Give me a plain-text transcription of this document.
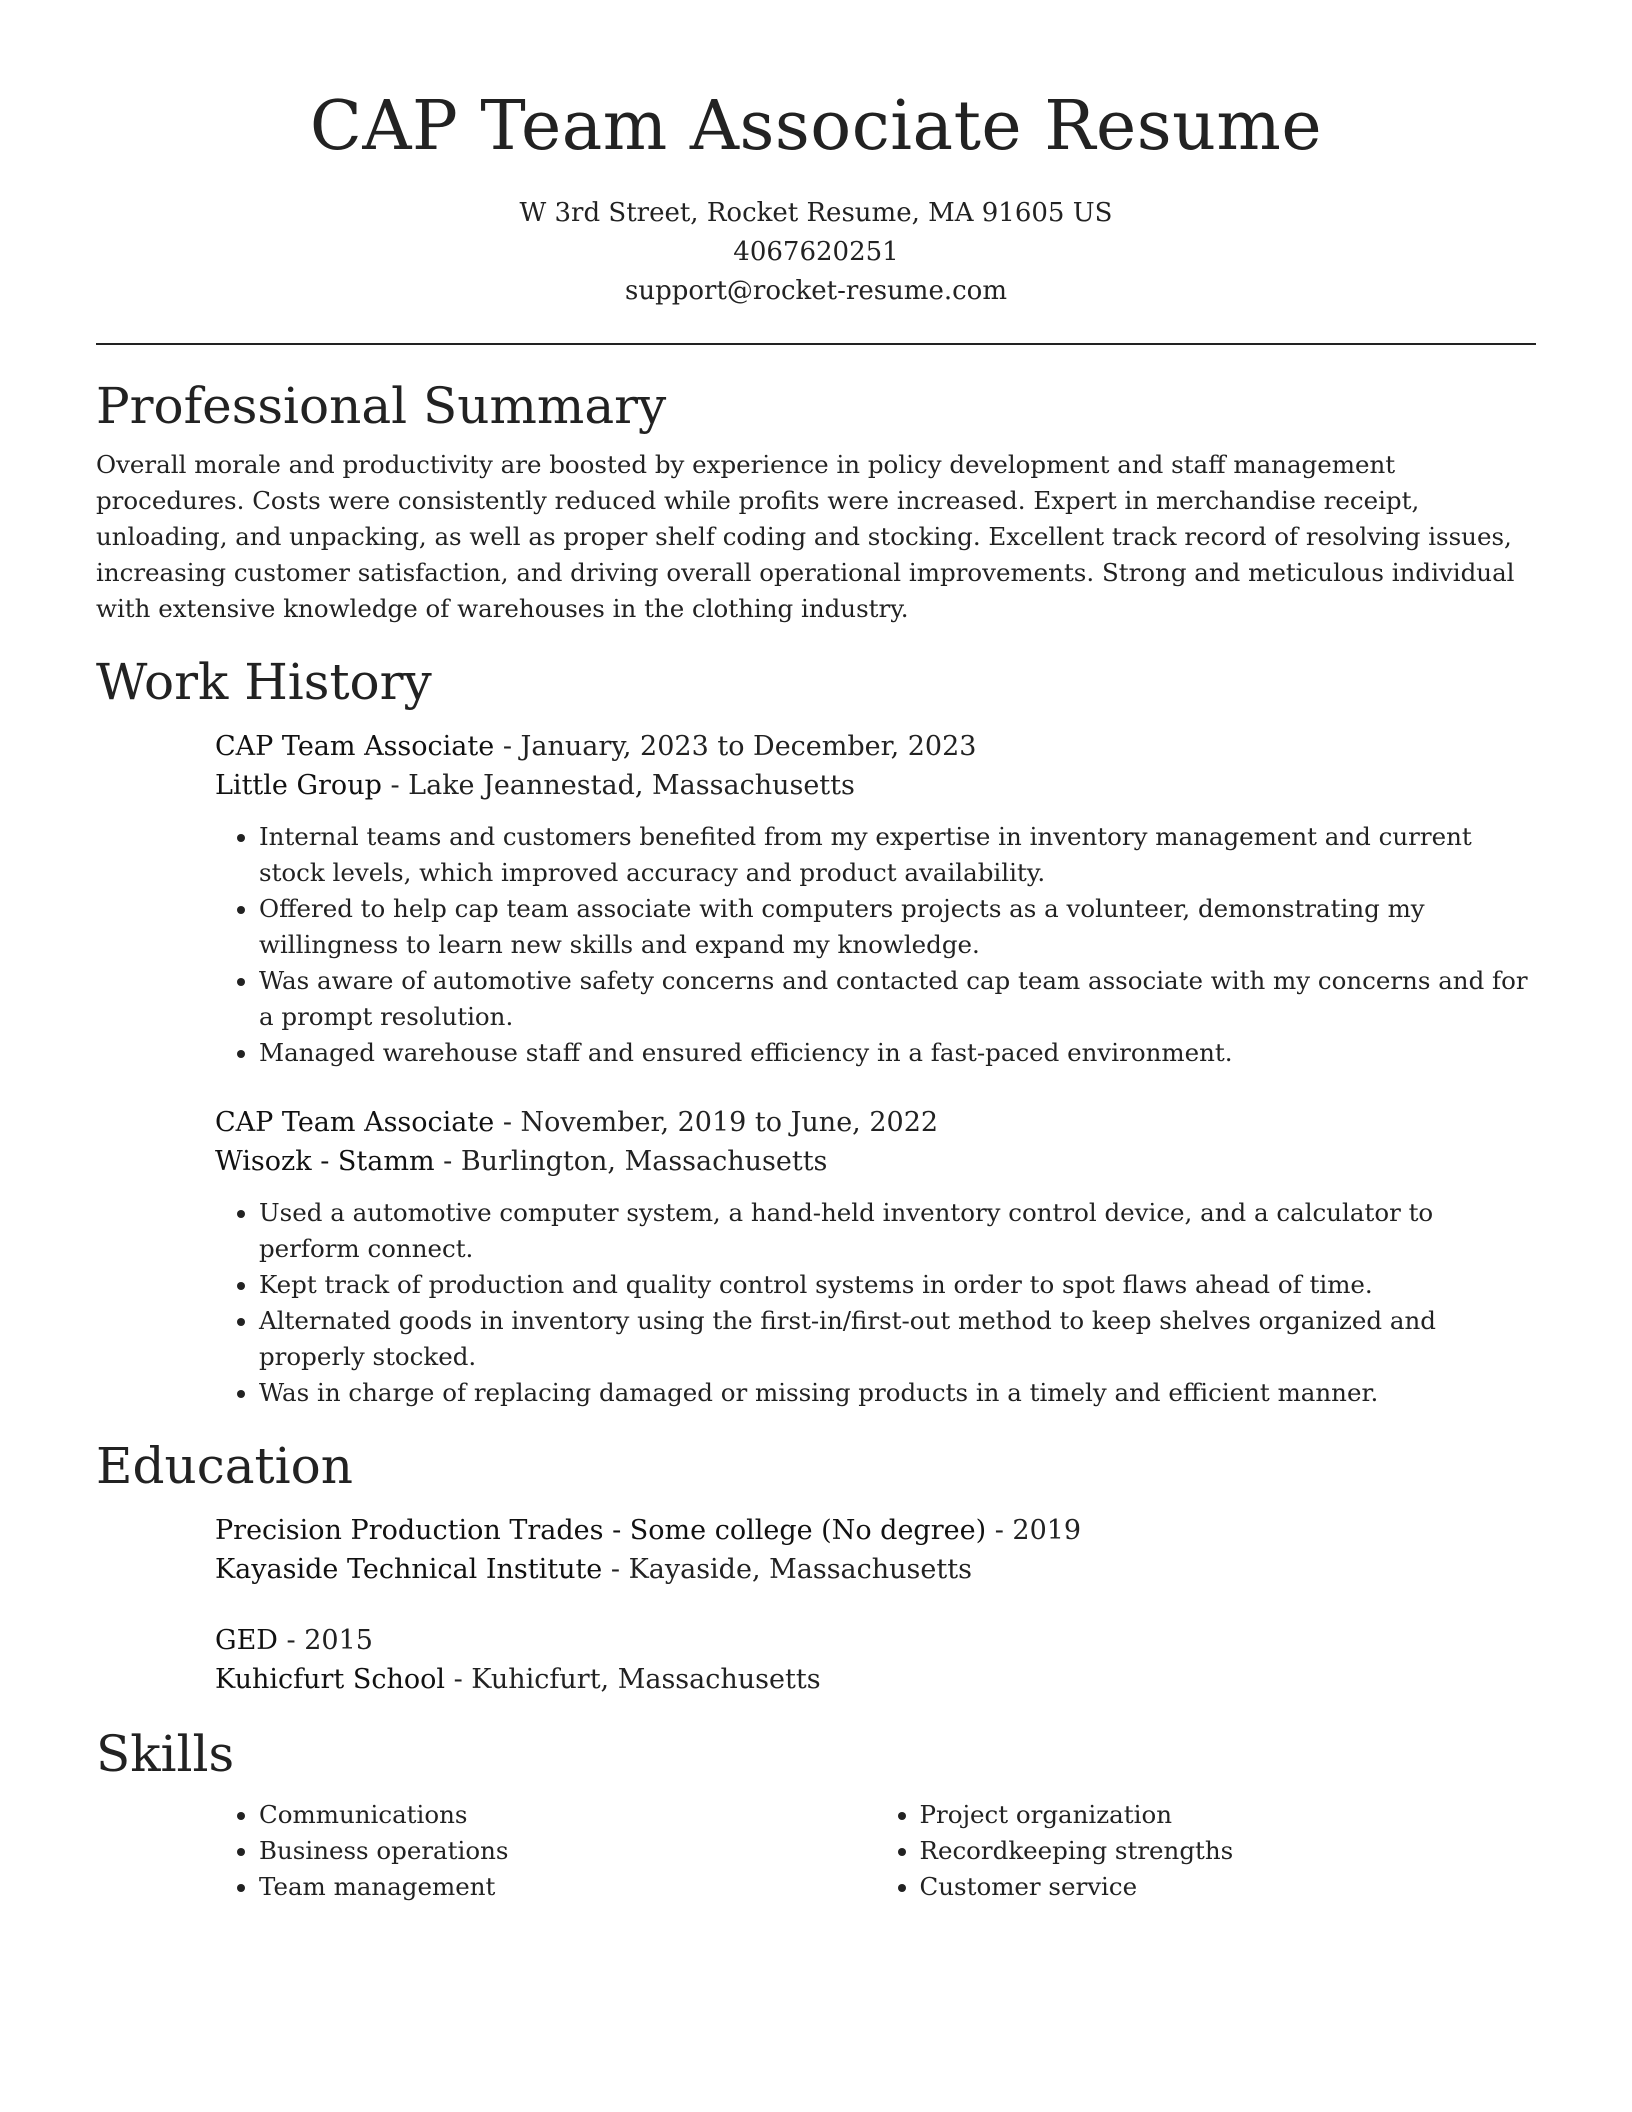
CAP Team Associate Resume
W 3rd Street, Rocket Resume, MA 91605 US
4067620251
support@rocket-resume.com
Professional Summary

Overall morale and productivity are boosted by experience in policy development and staff management procedures. Costs were consistently reduced while profits were increased. Expert in merchandise receipt, unloading, and unpacking, as well as proper shelf coding and stocking. Excellent track record of resolving issues, increasing customer satisfaction, and driving overall operational improvements. Strong and meticulous individual with extensive knowledge of warehouses in the clothing industry.

Work History
CAP Team Associate - January, 2023 to December, 2023
Little Group - Lake Jeannestad, Massachusetts
• Internal teams and customers benefited from my expertise in inventory management and current stock levels, which improved accuracy and product availability.
• Offered to help cap team associate with computers projects as a volunteer, demonstrating my willingness to learn new skills and expand my knowledge.
• Was aware of automotive safety concerns and contacted cap team associate with my concerns and for a prompt resolution.
• Managed warehouse staff and ensured efficiency in a fast-paced environment.
CAP Team Associate - November, 2019 to June, 2022
Wisozk - Stamm - Burlington, Massachusetts
• Used a automotive computer system, a hand-held inventory control device, and a calculator to perform connect.
• Kept track of production and quality control systems in order to spot flaws ahead of time.
• Alternated goods in inventory using the first-in/first-out method to keep shelves organized and properly stocked.
• Was in charge of replacing damaged or missing products in a timely and efficient manner.
Education
Precision Production Trades - Some college (No degree) - 2019
Kayaside Technical Institute - Kayaside, Massachusetts
GED - 2015
Kuhicfurt School - Kuhicfurt, Massachusetts
Skills
• Communications
• Business operations
• Team management
• Project organization
• Recordkeeping strengths
• Customer service
